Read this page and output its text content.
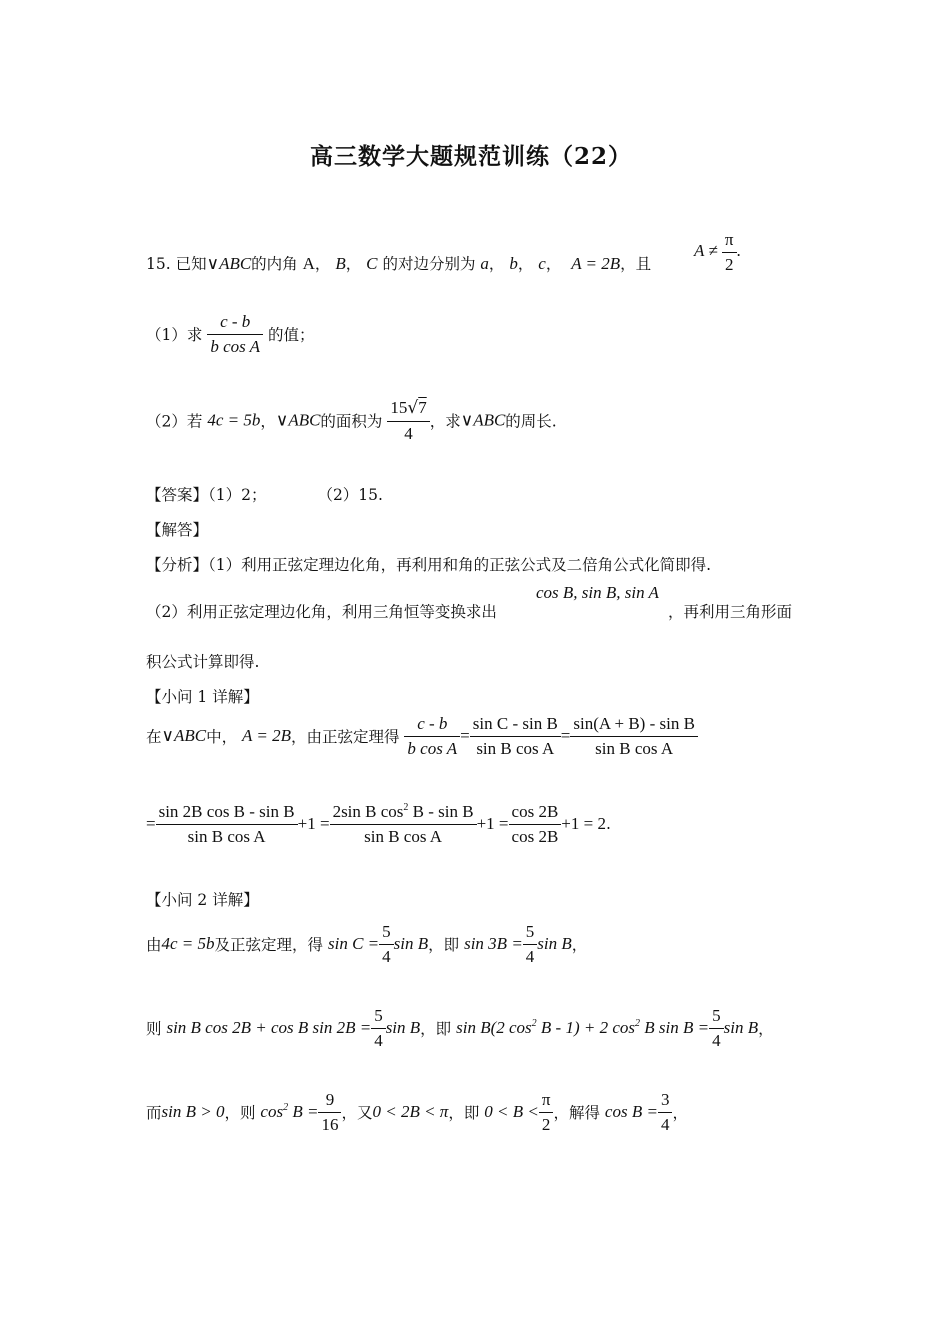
高三数学大题规范训练（22）
15. 已知∨ABC的内角 A， B， C 的对边分别为 a， b， c，  A = 2B，且
$A \ne \frac{\pi}{2}$ .
（1）求 $\frac{c - b}{\text{b cos A}}$ 的值；
（2）若 4c = 5b，∨ABC的面积为 $\frac{15√7}{4}$ ，求∨ABC的周长.
【答案】（1）2；	（2）15.
【解答】
【分析】（1）利用正弦定理边化角，再利用和角的正弦公式及二倍角公式化简即得.
（2）利用正弦定理边化角，利用三角恒等变换求出
cos B, sin B, sin A
，再利用三角形面
积公式计算即得.
【小问 1 详解】
在∨ABC中， A = 2B，由正弦定理得 $\frac{c - b}{\text{b cos A}} = \frac{\text{sin C - sin B}}{\text{sin B cos A}} = \frac{\text{sin(A + B) - sin B}}{\text{sin B cos A}}$
= $\frac{\text{sin 2B cos B - sin B}}{\text{sin B cos A}} +1 = \frac{2\sin B \cos^2 B - \sin B}{\text{sin B cos A}} +1 = \frac{\cos 2B}{\cos 2B} +1 = 2$.
【小问 2 详解】
由4c = 5b及正弦定理，得 $\sin C = \frac{5}{4}$ sin B，即 $\sin 3B = \frac{5}{4}$ sin B，
则 sin B cos 2B + cos B $\sin 2B = \frac{5}{4}$ sin B，即 sin B(2 $\cos^2 B - 1) + 2$ $\cos^2 B$ $\sin B = \frac{5}{4}$ sin B，
而sin B > 0，则 $\cos^2 B = \frac{9}{16}$ ，又0 < 2B < π，即 $0 < B < \frac{\pi}{2}$ ，解得 $\cos B = \frac{3}{4}$ ，
